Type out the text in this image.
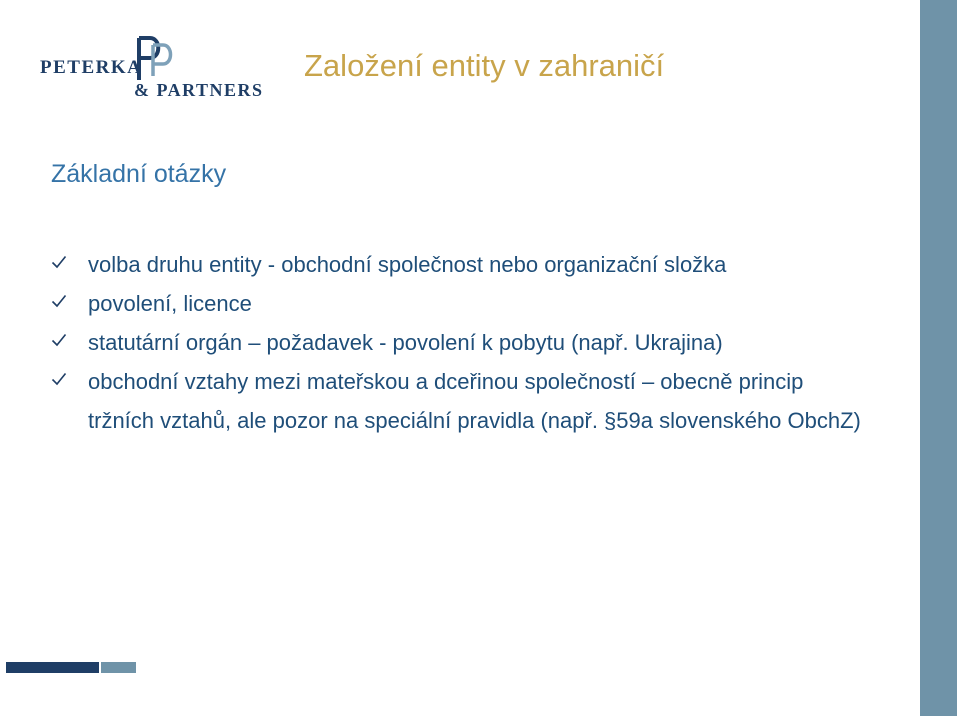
PETERKA
& PARTNERS
Založení entity v zahraničí
Základní otázky
volba druhu entity - obchodní společnost nebo organizační složka
povolení, licence
statutární orgán – požadavek - povolení k pobytu (např. Ukrajina)
obchodní vztahy mezi mateřskou a dceřinou společností – obecně princip tržních vztahů, ale pozor na speciální pravidla (např. §59a slovenského ObchZ)
